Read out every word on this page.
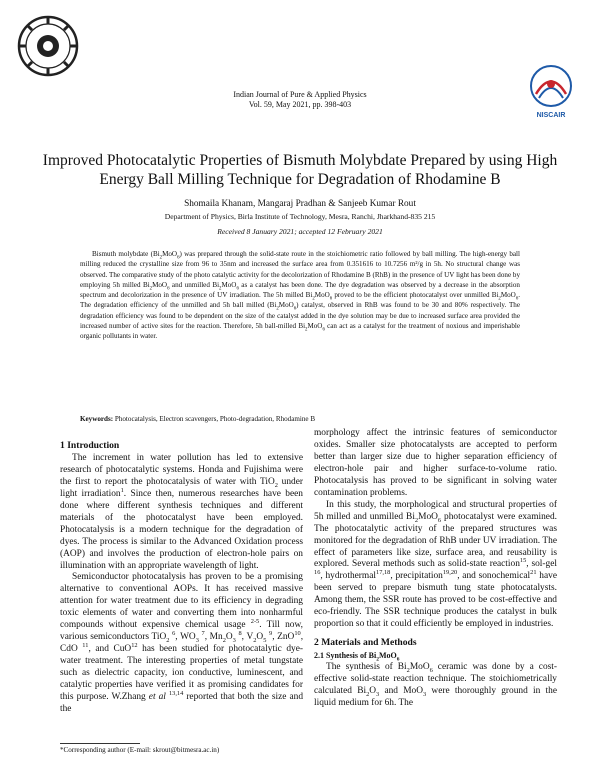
NISCAIR
Indian Journal of Pure & Applied Physics
Vol. 59, May 2021, pp. 398-403
Improved Photocatalytic Properties of Bismuth Molybdate Prepared by using High Energy Ball Milling Technique for Degradation of Rhodamine B
Shomaila Khanam, Mangaraj Pradhan & Sanjeeb Kumar Rout
Department of Physics, Birla Institute of Technology, Mesra, Ranchi, Jharkhand-835 215
Received 8 January 2021; accepted 12 February 2021

Bismuth molybdate $(Bi_2MoO_6)$ was prepared through the solid-state route in the stoichiometric ratio followed by ball milling. The high-energy ball milling reduced the crystalline size from 96 to 35nm and increased the surface area from 0.351616 to 10.7256 m²/g in 5h. No structural change was observed. The comparative study of the photo catalytic activity for the decolorization of Rhodamine B (RhB) in the presence of UV light has been done by employing 5h milled $Bi_2MoO_6$ and unmilled $Bi_2MoO_6$ as a catalyst has been done. The dye degradation was observed by a decrease in the absorption spectrum and decolorization in the presence of UV irradiation. The 5h milled $Bi_2MoO_6$ proved to be the efficient photocatalyst over unmilled $Bi_2MoO_6$. The degradation efficiency of the unmilled and 5h ball milled $(Bi_2MoO_6)$ catalyst, observed in RhB was found to be 30 and 80% respectively. The degradation efficiency was found to be dependent on the size of the catalyst added in the dye solution may be due to increased surface area provided the increased number of active sites for the reaction. Therefore, 5h ball-milled $Bi_2MoO_6$ can act as a catalyst for the treatment of noxious and imperishable organic pollutants in water.

Keywords: Photocatalysis, Electron scavengers, Photo-degradation, Rhodamine B
1 Introduction

The increment in water pollution has led to extensive research of photocatalytic systems. Honda and Fujishima were the first to report the photocatalysis of water with TiO$_2$ under light irradiation$^1$. Since then, numerous researches have been done where different synthesis techniques and different materials of the photocatalyst have been employed. Photocatalysis is a modern technique for the degradation of dyes. The process is similar to the Advanced Oxidation process (AOP) and involves the production of electron-hole pairs on illumination with an appropriate wavelength of light.

Semiconductor photocatalysis has proven to be a promising alternative to conventional AOPs. It has received massive attention for water treatment due to its efficiency in degrading toxic elements of water and converting them into nonharmful compounds without expensive chemical usage $^{2-5}$. Till now, various semiconductors TiO$_2$ $^6$, $WO_3$ $^7$, $Mn_2O_3$ $^8$, $V_2O_5$ $^9$, ZnO$^{10}$, CdO $^{11}$, and CuO$^{12}$ has been studied for photocatalytic dye-water treatment. The interesting properties of metal tungstate such as dielectric capacity, ion conductive, luminescent, and catalytic properties have verified it as promising candidates for this purpose. W.Zhang et al $^{13,14}$ reported that both the size and the

morphology affect the intrinsic features of semiconductor oxides. Smaller size photocatalysts are accepted to perform better than larger size due to higher separation efficiency of electron-hole pair and higher surface-to-volume ratio. Photocatalysis has proved to be significant in solving water contamination problems.

In this study, the morphological and structural properties of 5h milled and unmilled $Bi_2MoO_6$ photocatalyst were examined. The photocatalytic activity of the prepared structures was monitored for the degradation of RhB under UV irradiation. The effect of parameters like size, surface area, and reusability is explored. Several methods such as solid-state reaction$^{15}$, sol-gel $^{16}$, hydrothermal$^{17,18}$, precipitation$^{19,20}$, and sonochemical$^{21}$ have been served to prepare bismuth tung state photocatalysts. Among them, the SSR route has proved to be cost-effective and eco-friendly. The SSR technique produces the catalyst in bulk proportion so that it could efficiently be employed in industries.

2 Materials and Methods
2.1 Synthesis of $Bi_2MoO_6$

The synthesis of $Bi_2MoO_6$ ceramic was done by a cost-effective solid-state reaction technique. The stoichiometrically calculated $Bi_2O_3$ and MoO$_3$ were thoroughly ground in the liquid medium for 6h. The

*Corresponding author (E-mail: skrout@bitmesra.ac.in)
